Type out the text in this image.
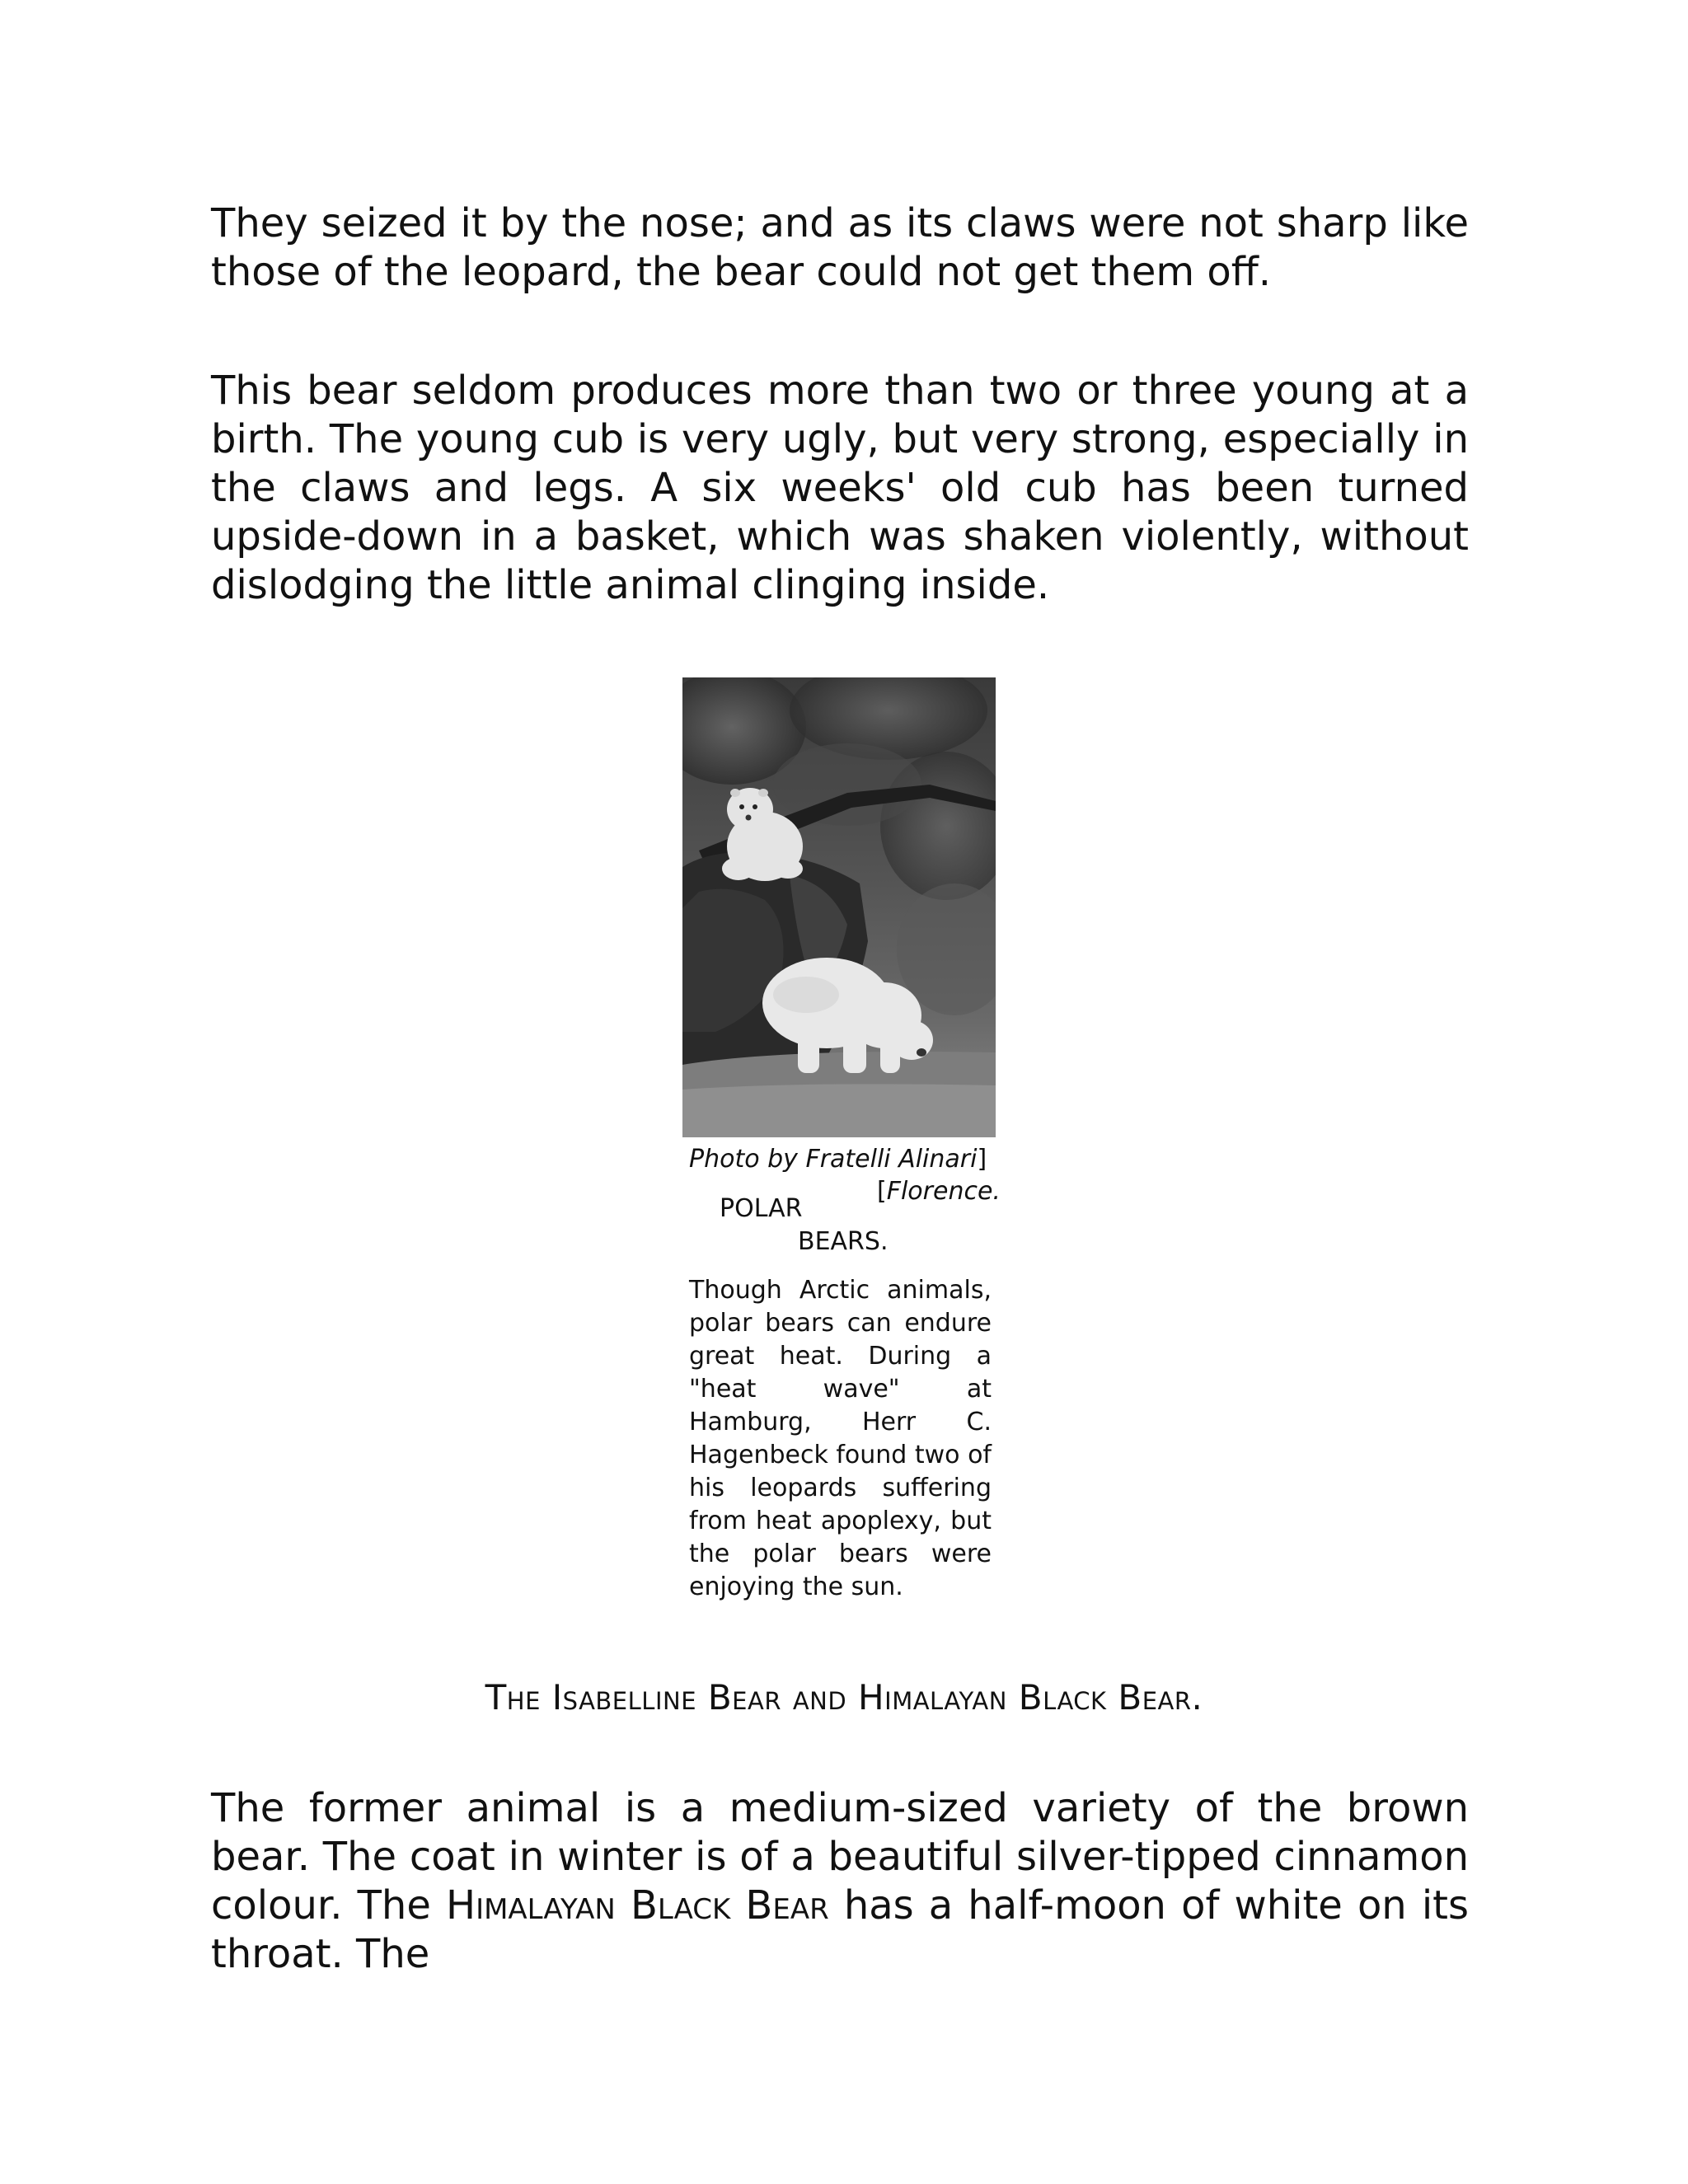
They seized it by the nose; and as its claws were not sharp like those of the leopard, the bear could not get them off.

This bear seldom produces more than two or three young at a birth. The young cub is very ugly, but very strong, especially in the claws and legs. A six weeks' old cub has been turned upside-down in a basket, which was shaken violently, without dislodging the little animal clinging inside.

Photo by Fratelli Alinari]
[Florence.
POLAR
BEARS.

Though Arctic animals, polar bears can endure great heat. During a "heat wave" at Hamburg, Herr C. Hagenbeck found two of his leopards suffering from heat apoplexy, but the polar bears were enjoying the sun.

The Isabelline Bear and Himalayan Black Bear.

The former animal is a medium-sized variety of the brown bear. The coat in winter is of a beautiful silver-tipped cinnamon colour. The Himalayan Black Bear has a half-moon of white on its throat. The
